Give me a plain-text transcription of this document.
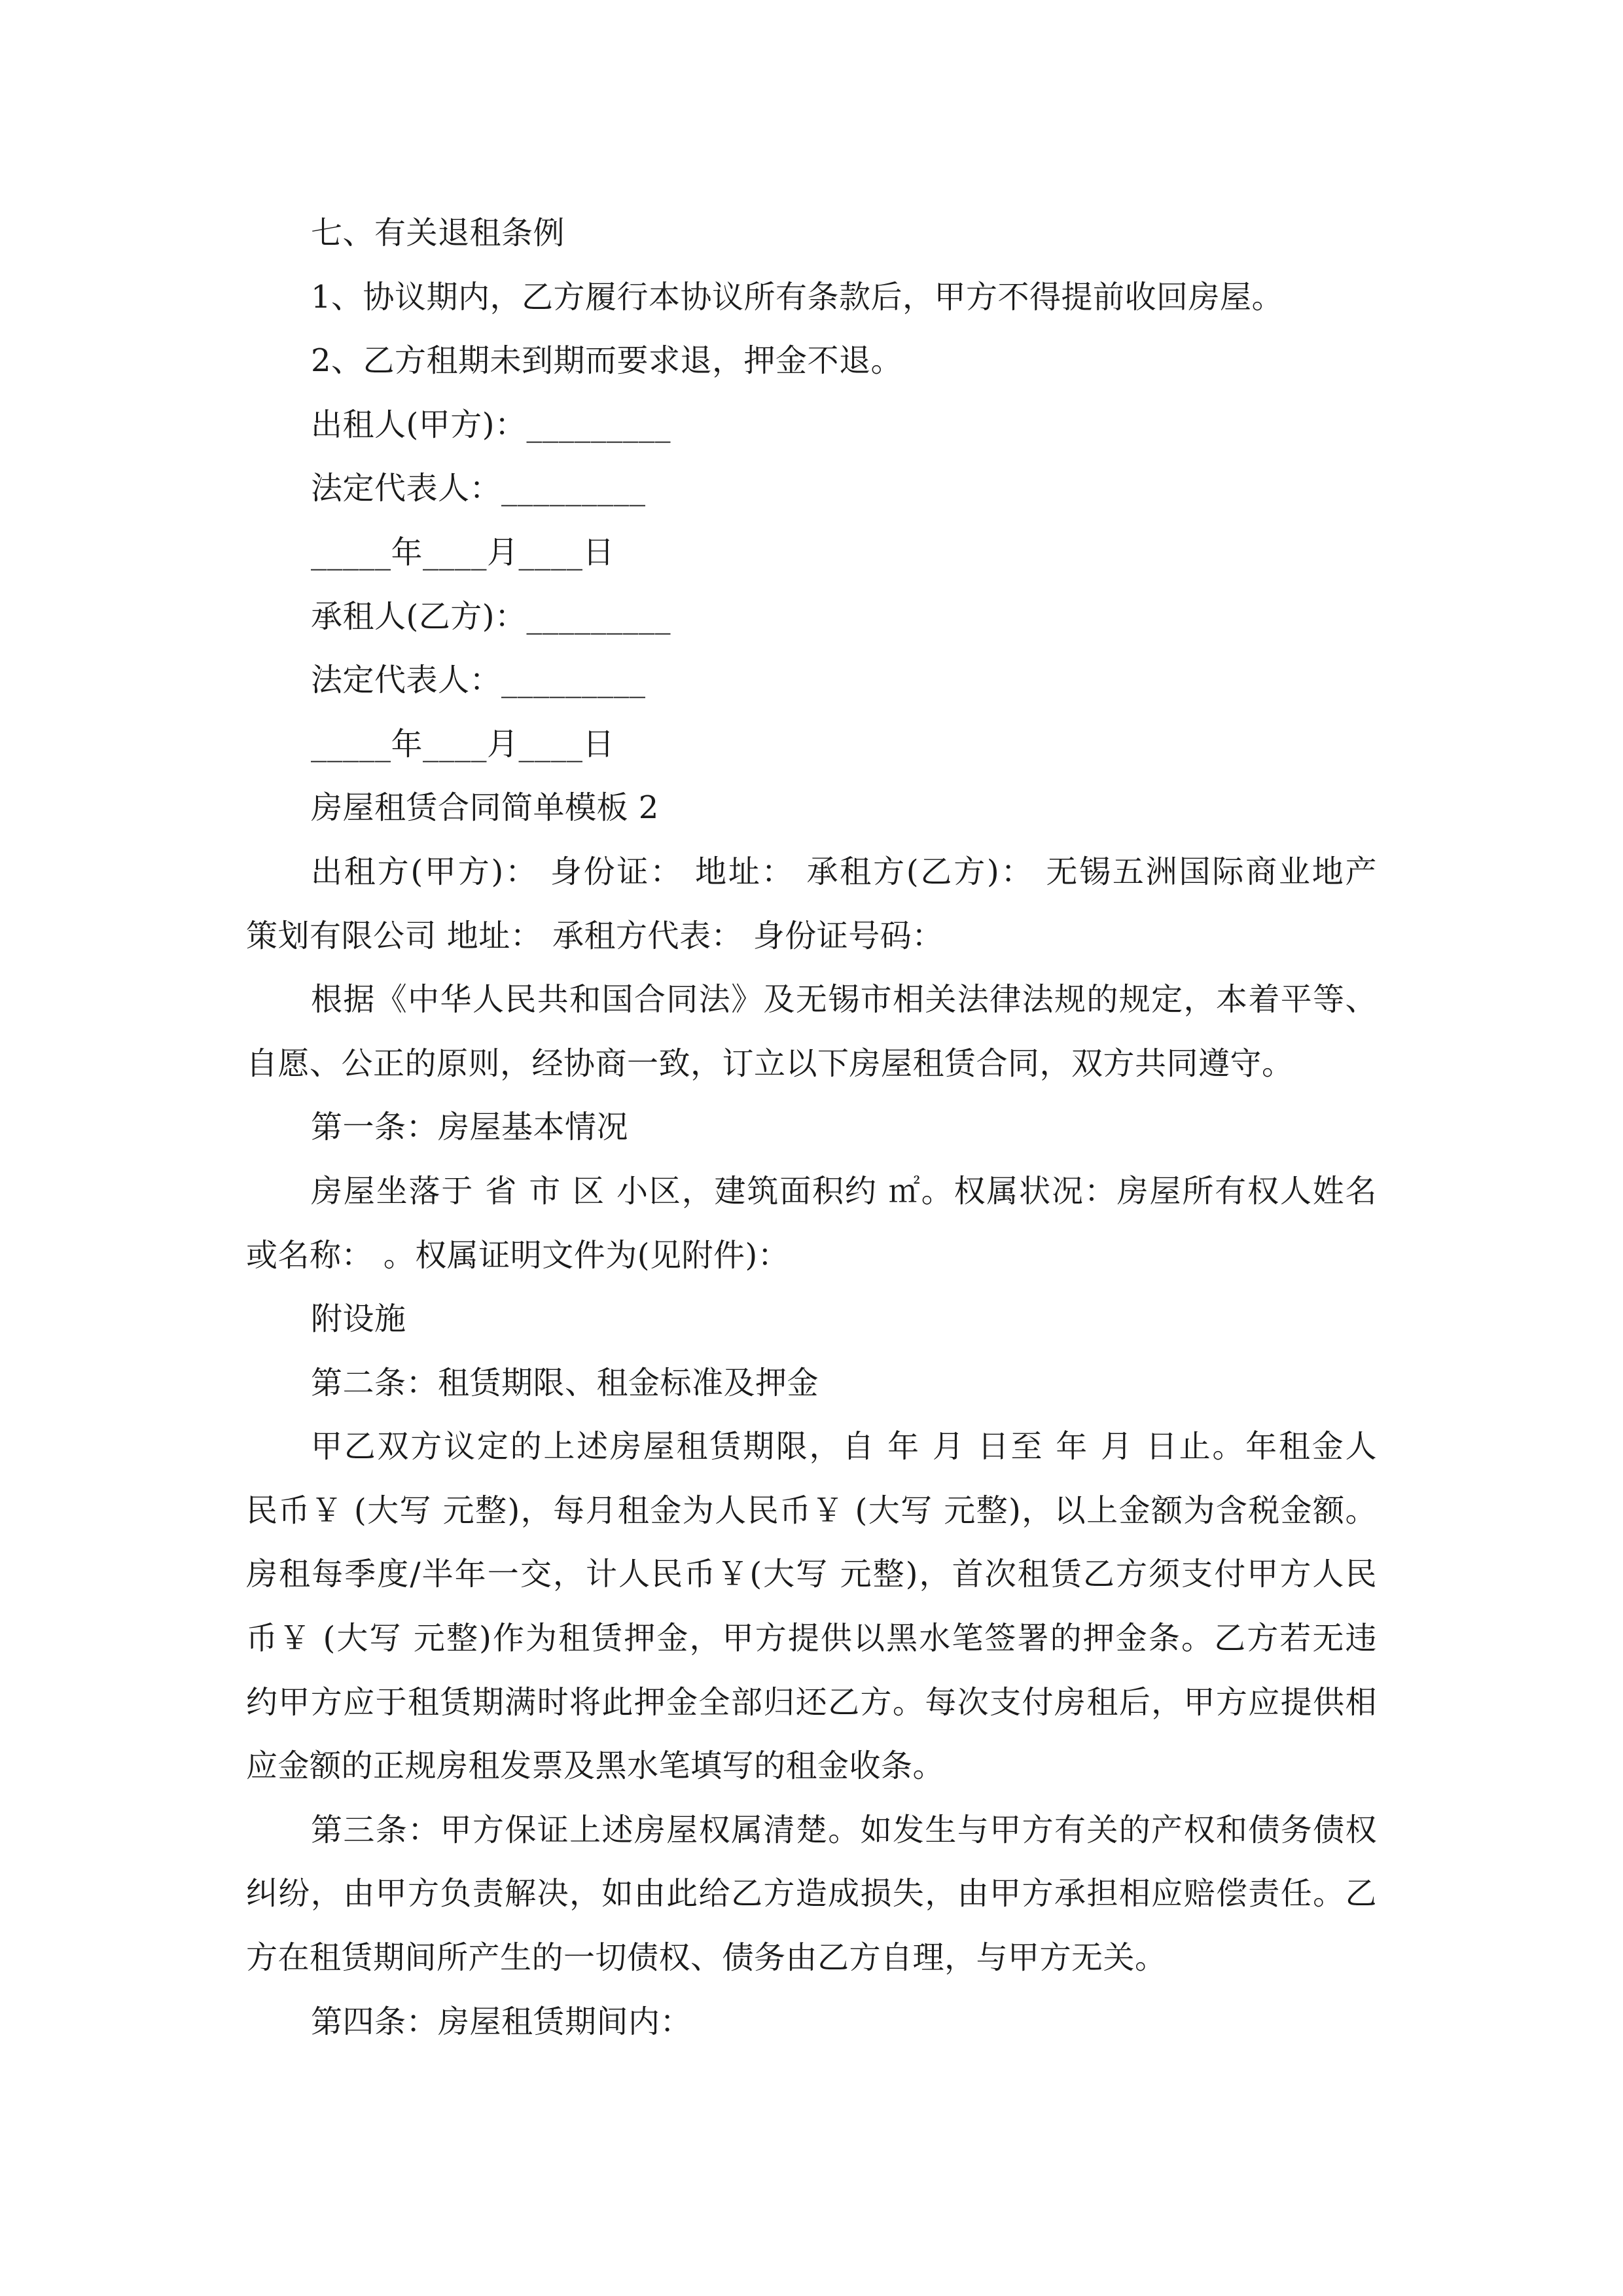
七、有关退租条例
1、协议期内，乙方履行本协议所有条款后，甲方不得提前收回房屋。
2、乙方租期未到期而要求退，押金不退。
出租人(甲方)：_________
法定代表人：_________
_____年____月____日
承租人(乙方)：_________
法定代表人：_________
_____年____月____日
房屋租赁合同简单模板 2
出租方(甲方)： 身份证： 地址： 承租方(乙方)： 无锡五洲国际商业地产
策划有限公司 地址： 承租方代表： 身份证号码：
根据《中华人民共和国合同法》及无锡市相关法律法规的规定，本着平等、
自愿、公正的原则，经协商一致，订立以下房屋租赁合同，双方共同遵守。
第一条：房屋基本情况
房屋坐落于 省 市 区 小区，建筑面积约 ㎡。权属状况：房屋所有权人姓名
或名称： 。权属证明文件为(见附件)：
附设施
第二条：租赁期限、租金标准及押金
甲乙双方议定的上述房屋租赁期限，自 年 月 日至 年 月 日止。年租金人
民币￥ (大写 元整)，每月租金为人民币￥ (大写 元整)，以上金额为含税金额。
房租每季度/半年一交，计人民币￥(大写 元整)，首次租赁乙方须支付甲方人民
币￥ (大写 元整)作为租赁押金，甲方提供以黑水笔签署的押金条。乙方若无违
约甲方应于租赁期满时将此押金全部归还乙方。每次支付房租后，甲方应提供相
应金额的正规房租发票及黑水笔填写的租金收条。
第三条：甲方保证上述房屋权属清楚。如发生与甲方有关的产权和债务债权
纠纷，由甲方负责解决，如由此给乙方造成损失，由甲方承担相应赔偿责任。乙
方在租赁期间所产生的一切债权、债务由乙方自理，与甲方无关。
第四条：房屋租赁期间内：
